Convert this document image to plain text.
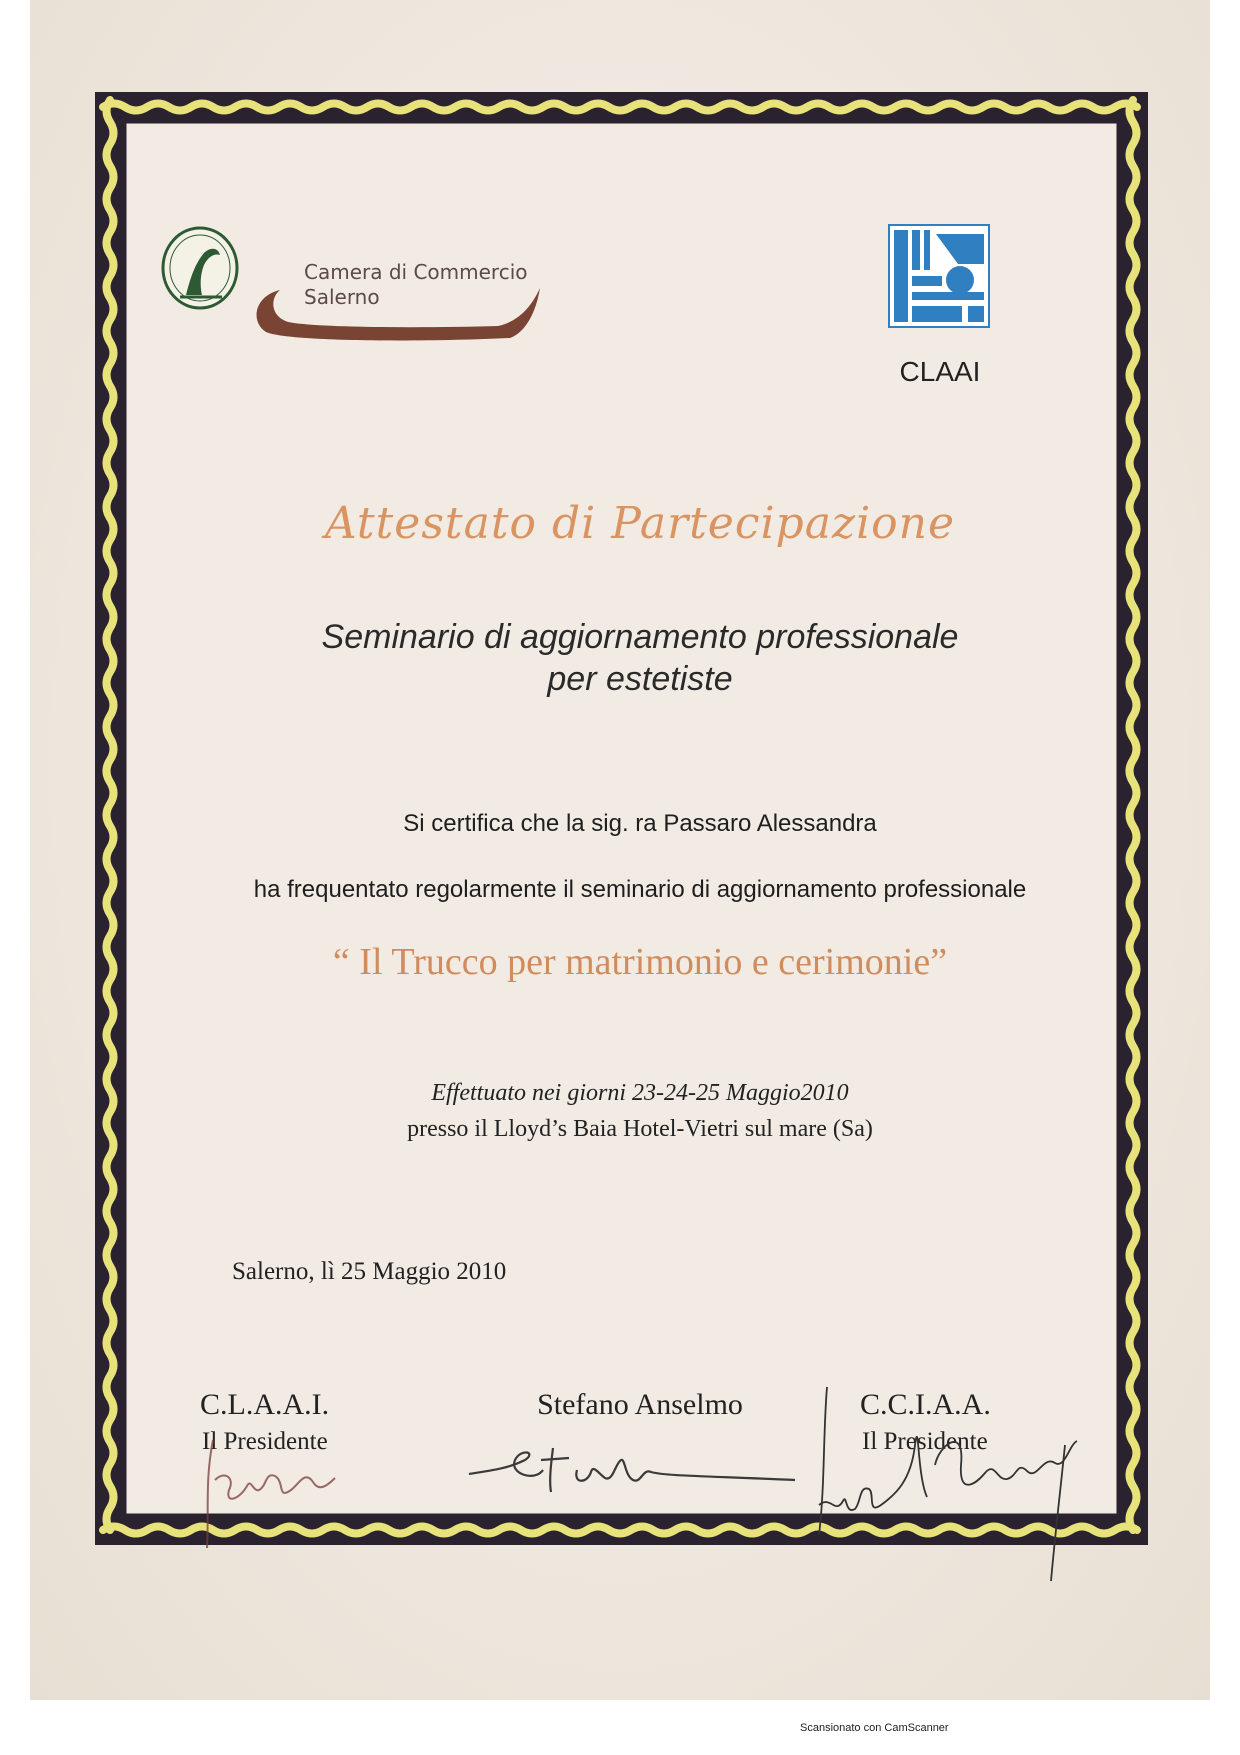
Camera di Commercio
Salerno
CLAAI
Attestato di Partecipazione
Seminario di aggiornamento professionale
per estetiste
Si certifica che la sig. ra Passaro Alessandra
ha frequentato regolarmente il seminario di aggiornamento professionale
“ Il Trucco per matrimonio e cerimonie”
Effettuato nei giorni 23-24-25 Maggio2010
presso il Lloyd’s Baia Hotel-Vietri sul mare (Sa)
Salerno, lì 25 Maggio 2010
C.L.A.A.I.
Il Presidente
Stefano Anselmo	C.C.I.A.A.
Il Presidente
Scansionato con CamScanner
